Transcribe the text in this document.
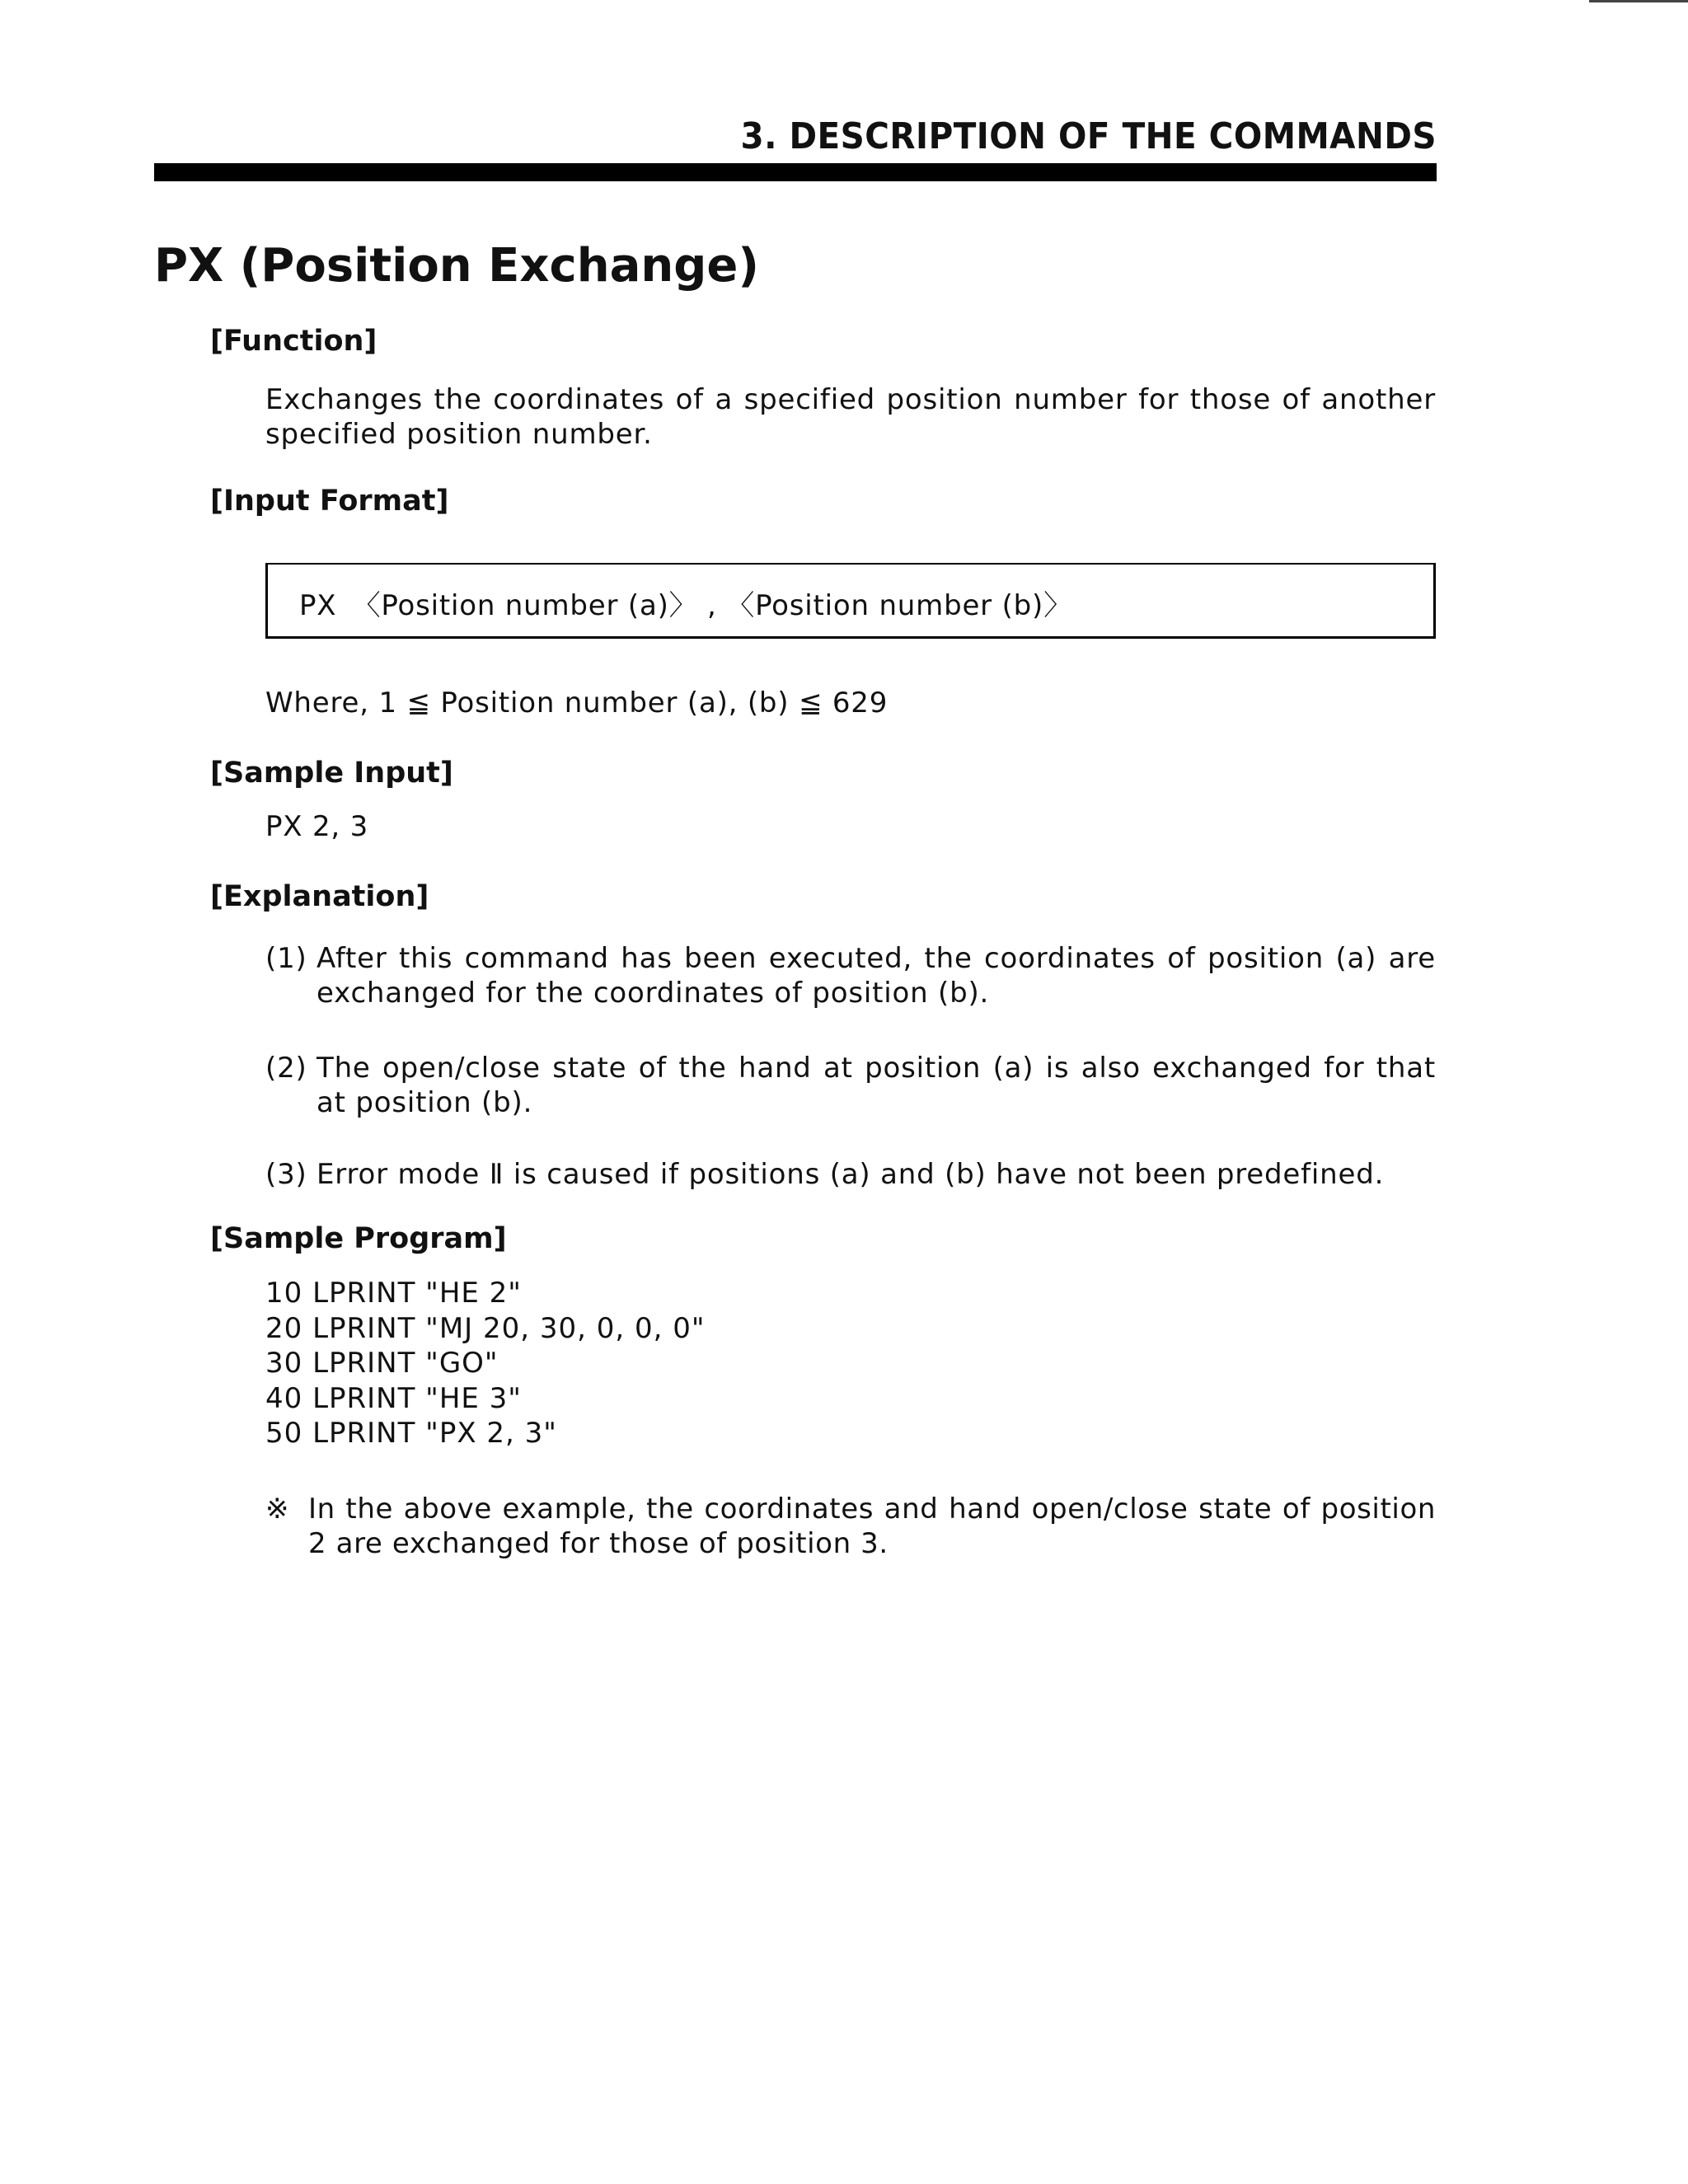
3. DESCRIPTION OF THE COMMANDS
PX (Position Exchange)
[Function]
Exchanges the coordinates of a specified position number for those of another specified position number.
[Input Format]
PX  〈Position number (a)〉 , 〈Position number (b)〉
Where, 1 ≦ Position number (a), (b) ≦ 629
[Sample Input]
PX 2, 3
[Explanation]
(1) After this command has been executed, the coordinates of position (a) are exchanged for the coordinates of position (b).
(2) The open/close state of the hand at position (a) is also exchanged for that at position (b).
(3) Error mode Ⅱ is caused if positions (a) and (b) have not been predefined.
[Sample Program]
10 LPRINT "HE 2"
20 LPRINT "MJ 20, 30, 0, 0, 0"
30 LPRINT "GO"
40 LPRINT "HE 3"
50 LPRINT "PX 2, 3"
※ In the above example, the coordinates and hand open/close state of position 2 are exchanged for those of position 3.
